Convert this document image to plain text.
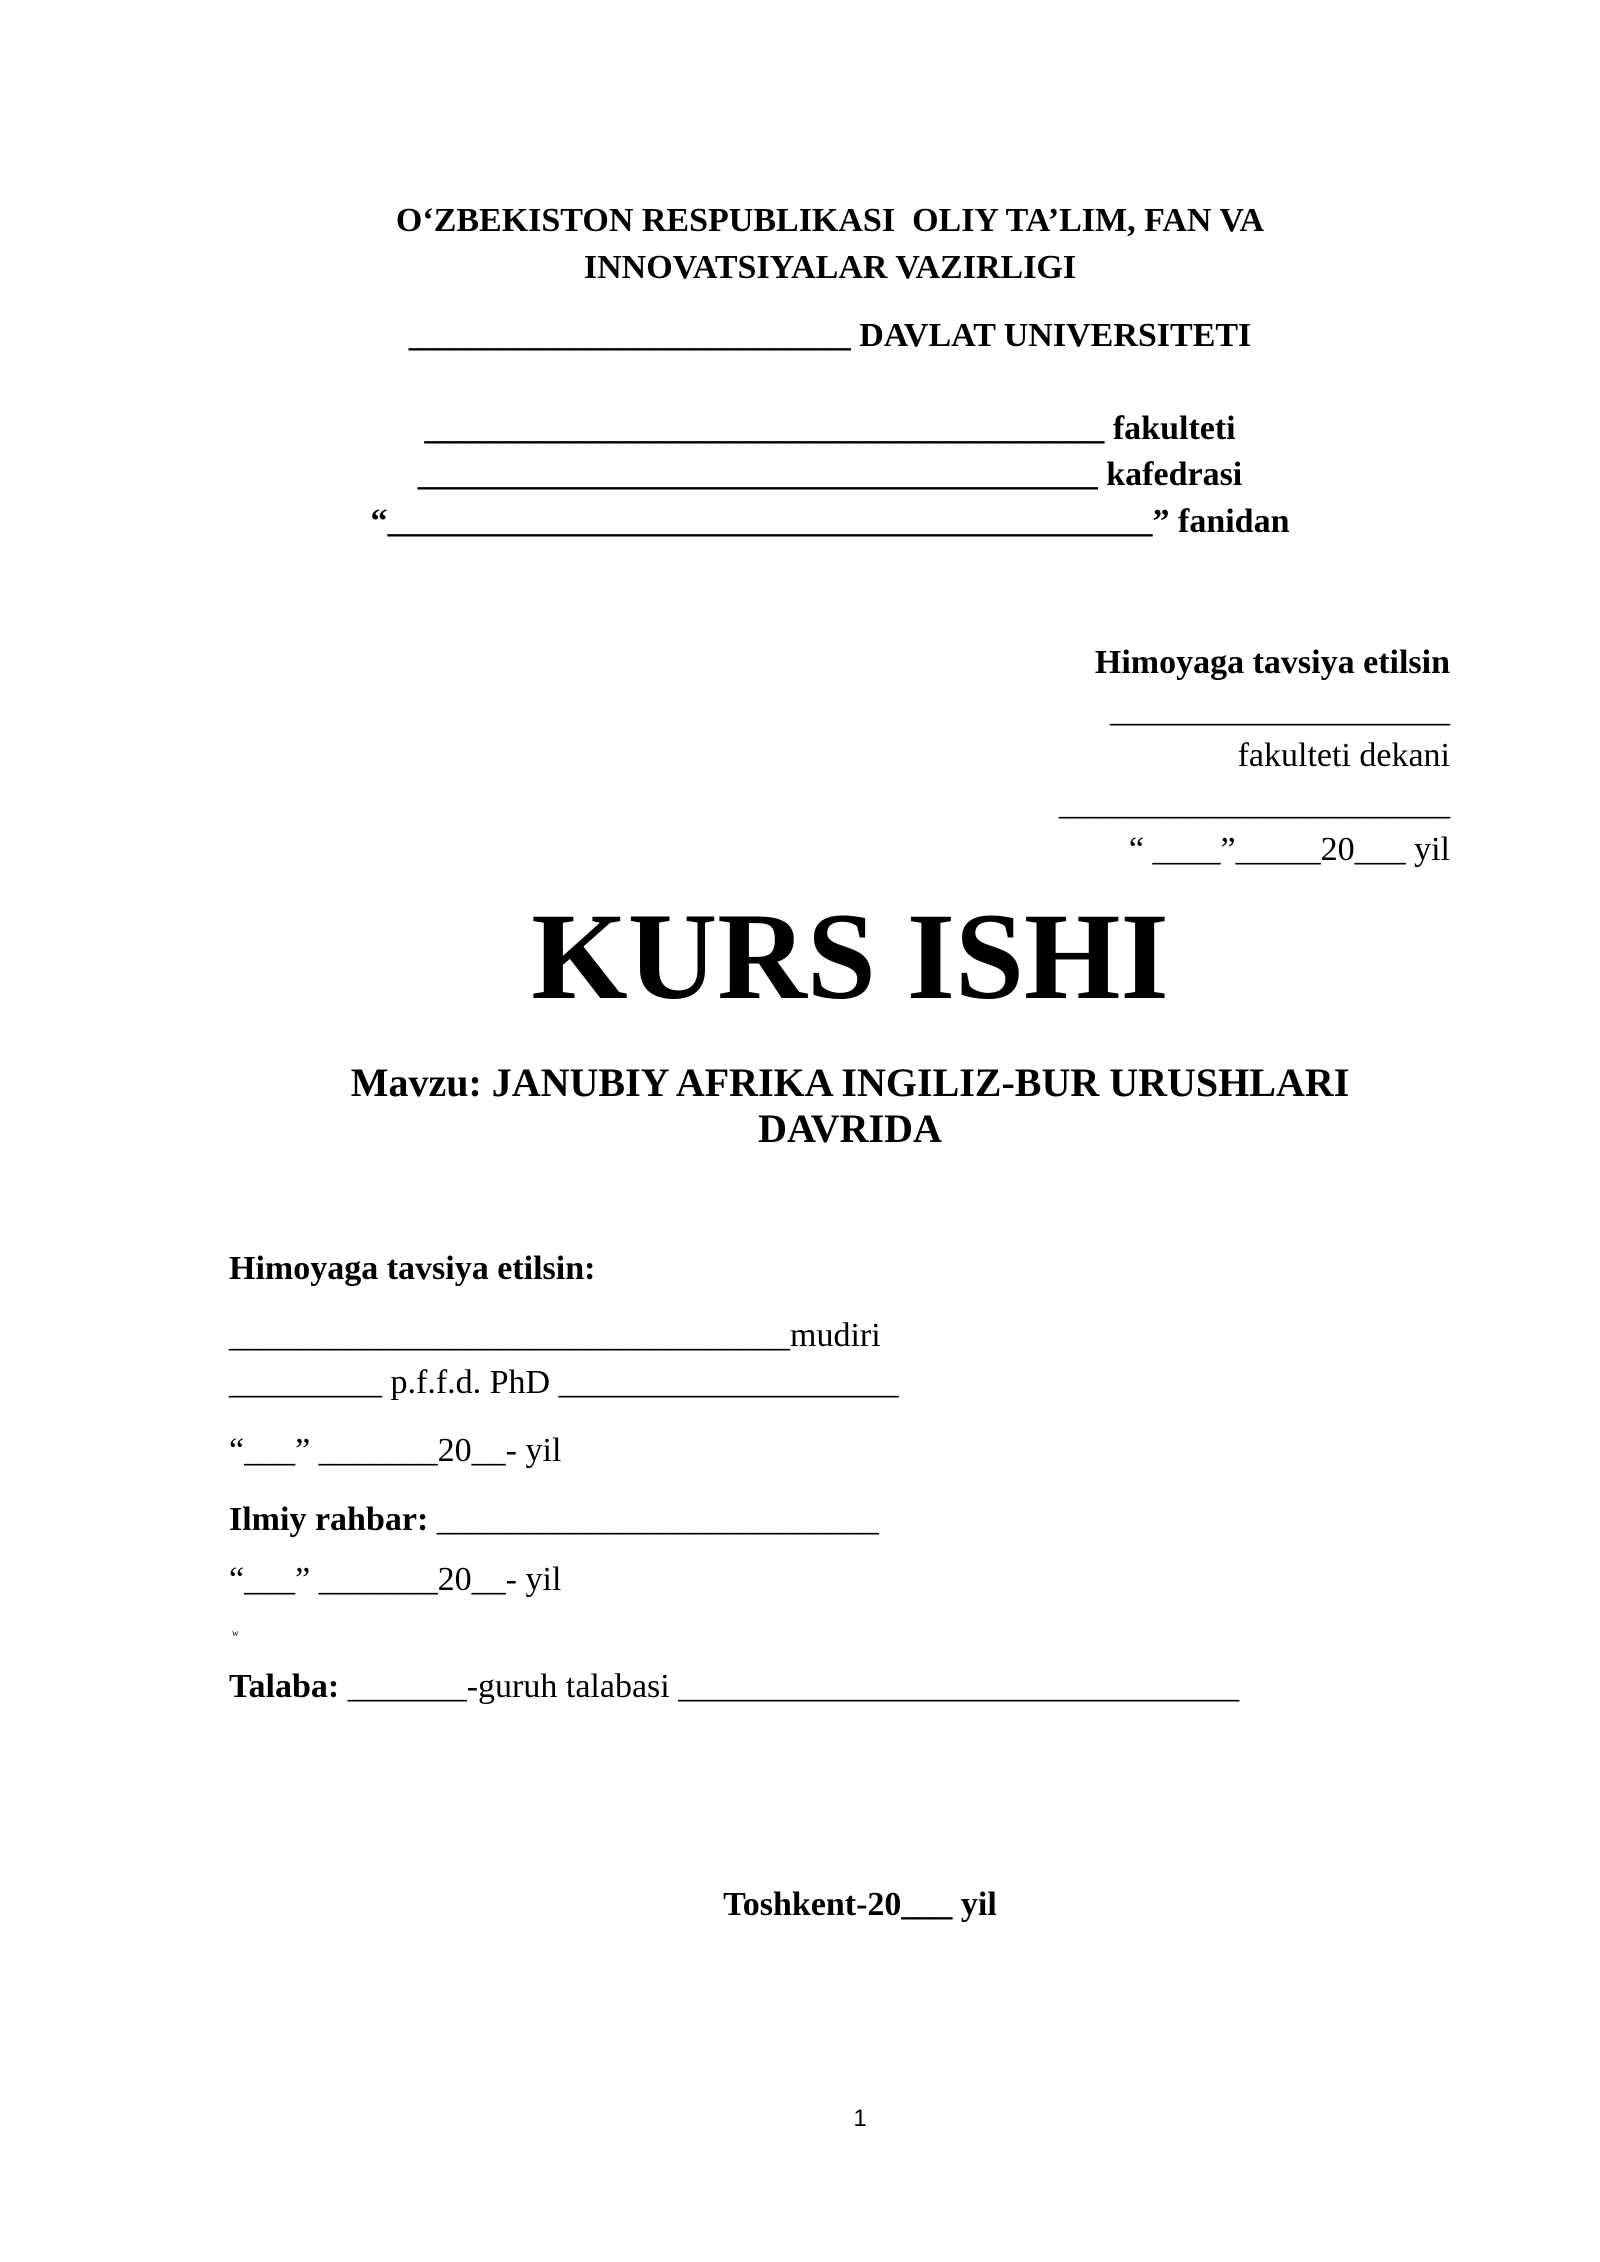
O‘ZBEKISTON RESPUBLIKASI  OLIY TA’LIM, FAN VA
INNOVATSIYALAR VAZIRLIGI
__________________________ DAVLAT UNIVERSITETI
________________________________________ fakulteti
________________________________________ kafedrasi
“_____________________________________________” fanidan
Himoyaga tavsiya etilsin
____________________
fakulteti dekani
_______________________
“ ____”_____20___ yil
KURS ISHI
Mavzu: JANUBIY AFRIKA INGILIZ-BUR URUSHLARI
DAVRIDA
Himoyaga tavsiya etilsin:
_________________________________mudiri
_________ p.f.f.d. PhD ____________________
“___” _______20__- yil
Ilmiy rahbar: __________________________
“___” _______20__- yil
w
Talaba: _______-guruh talabasi _________________________________
Toshkent-20___ yil
1
